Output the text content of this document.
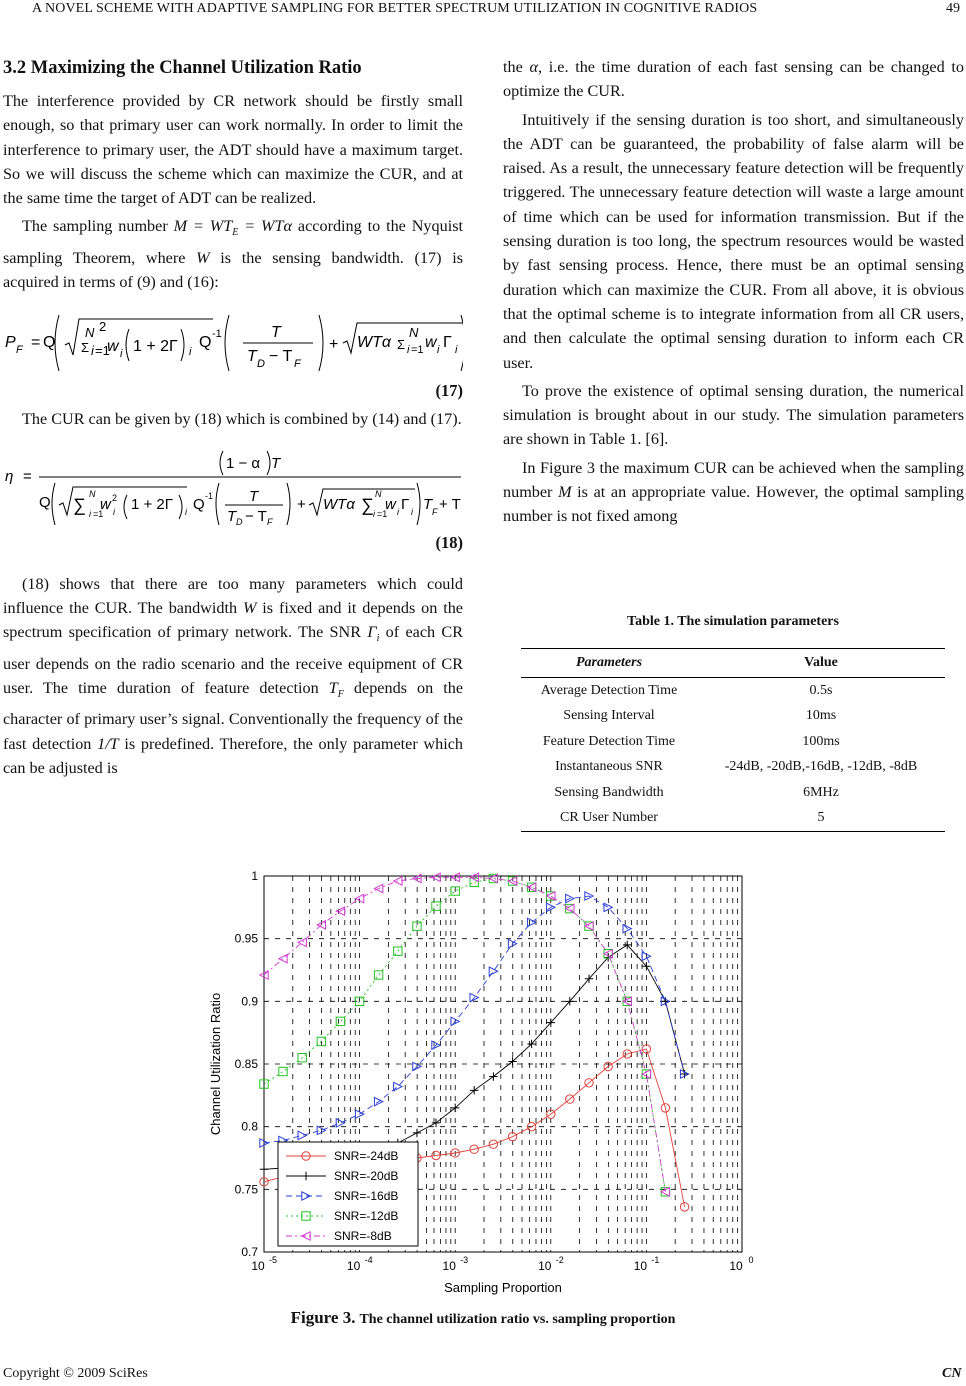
A NOVEL SCHEME WITH ADAPTIVE SAMPLING FOR BETTER SPECTRUM UTILIZATION IN COGNITIVE RADIOS	49
3.2 Maximizing the Channel Utilization Ratio

The interference provided by CR network should be firstly small enough, so that primary user can work normally. In order to limit the interference to primary user, the ADT should have a maximum target. So we will discuss the scheme which can maximize the CUR, and at the same time the target of ADT can be realized.

The sampling number $M = WT_E = WT\alpha$ according to the Nyquist sampling Theorem, where W is the sensing bandwidth. (17) is acquired in terms of (9) and (16):

P F = Q
N 2
Σ i =1
w i 1 + 2Γ i
Q -1	T
T D − T F
+ WTα Σ i =1
N
w i Γ i
(17)

The CUR can be given by (18) which is combined by (14) and (17).

η =
1 − α T
Q ∑
N
i =1
w 2
i 1 + 2Γ i Q -1 T
T D − T F
+ WTα ∑
N
i =1
w i Γ i T F + T
(18)

(18) shows that there are too many parameters which could influence the CUR. The bandwidth W is fixed and it depends on the spectrum specification of primary network. The SNR $\Gamma_i$ of each CR user depends on the radio scenario and the receive equipment of CR user. The time duration of feature detection $T_F$ depends on the character of primary user’s signal. Conventionally the frequency of the fast detection 1/T is predefined. Therefore, the only parameter which can be adjusted is

the α, i.e. the time duration of each fast sensing can be changed to optimize the CUR.

Intuitively if the sensing duration is too short, and simultaneously the ADT can be guaranteed, the probability of false alarm will be raised. As a result, the unnecessary feature detection will be frequently triggered. The unnecessary feature detection will waste a large amount of time which can be used for information transmission. But if the sensing duration is too long, the spectrum resources would be wasted by fast sensing process. Hence, there must be an optimal sensing duration which can maximize the CUR. From all above, it is obvious that the optimal scheme is to integrate information from all CR users, and then calculate the optimal sensing duration to inform each CR user.

To prove the existence of optimal sensing duration, the numerical simulation is brought about in our study. The simulation parameters are shown in Table 1. [6].

In Figure 3 the maximum CUR can be achieved when the sampling number M is at an appropriate value. However, the optimal sampling number is not fixed among

Table 1. The simulation parameters
Parameters	Value
Average Detection Time	0.5s
Sensing Interval	10ms
Feature Detection Time	100ms
Instantaneous SNR	-24dB, -20dB,-16dB, -12dB, -8dB
Sensing Bandwidth	6MHz
CR User Number	5
0.7
0.75
0.8
0.85
0.9
0.95
1
10 -5	10 -4	10 -3	10 -2	10 -1	10 0
Sampling Proportion
Channel Utilization Ratio
SNR=-24dB
SNR=-20dB
SNR=-16dB
SNR=-12dB
SNR=-8dB
Figure 3. The channel utilization ratio vs. sampling proportion
Copyright © 2009 SciRes	CN
